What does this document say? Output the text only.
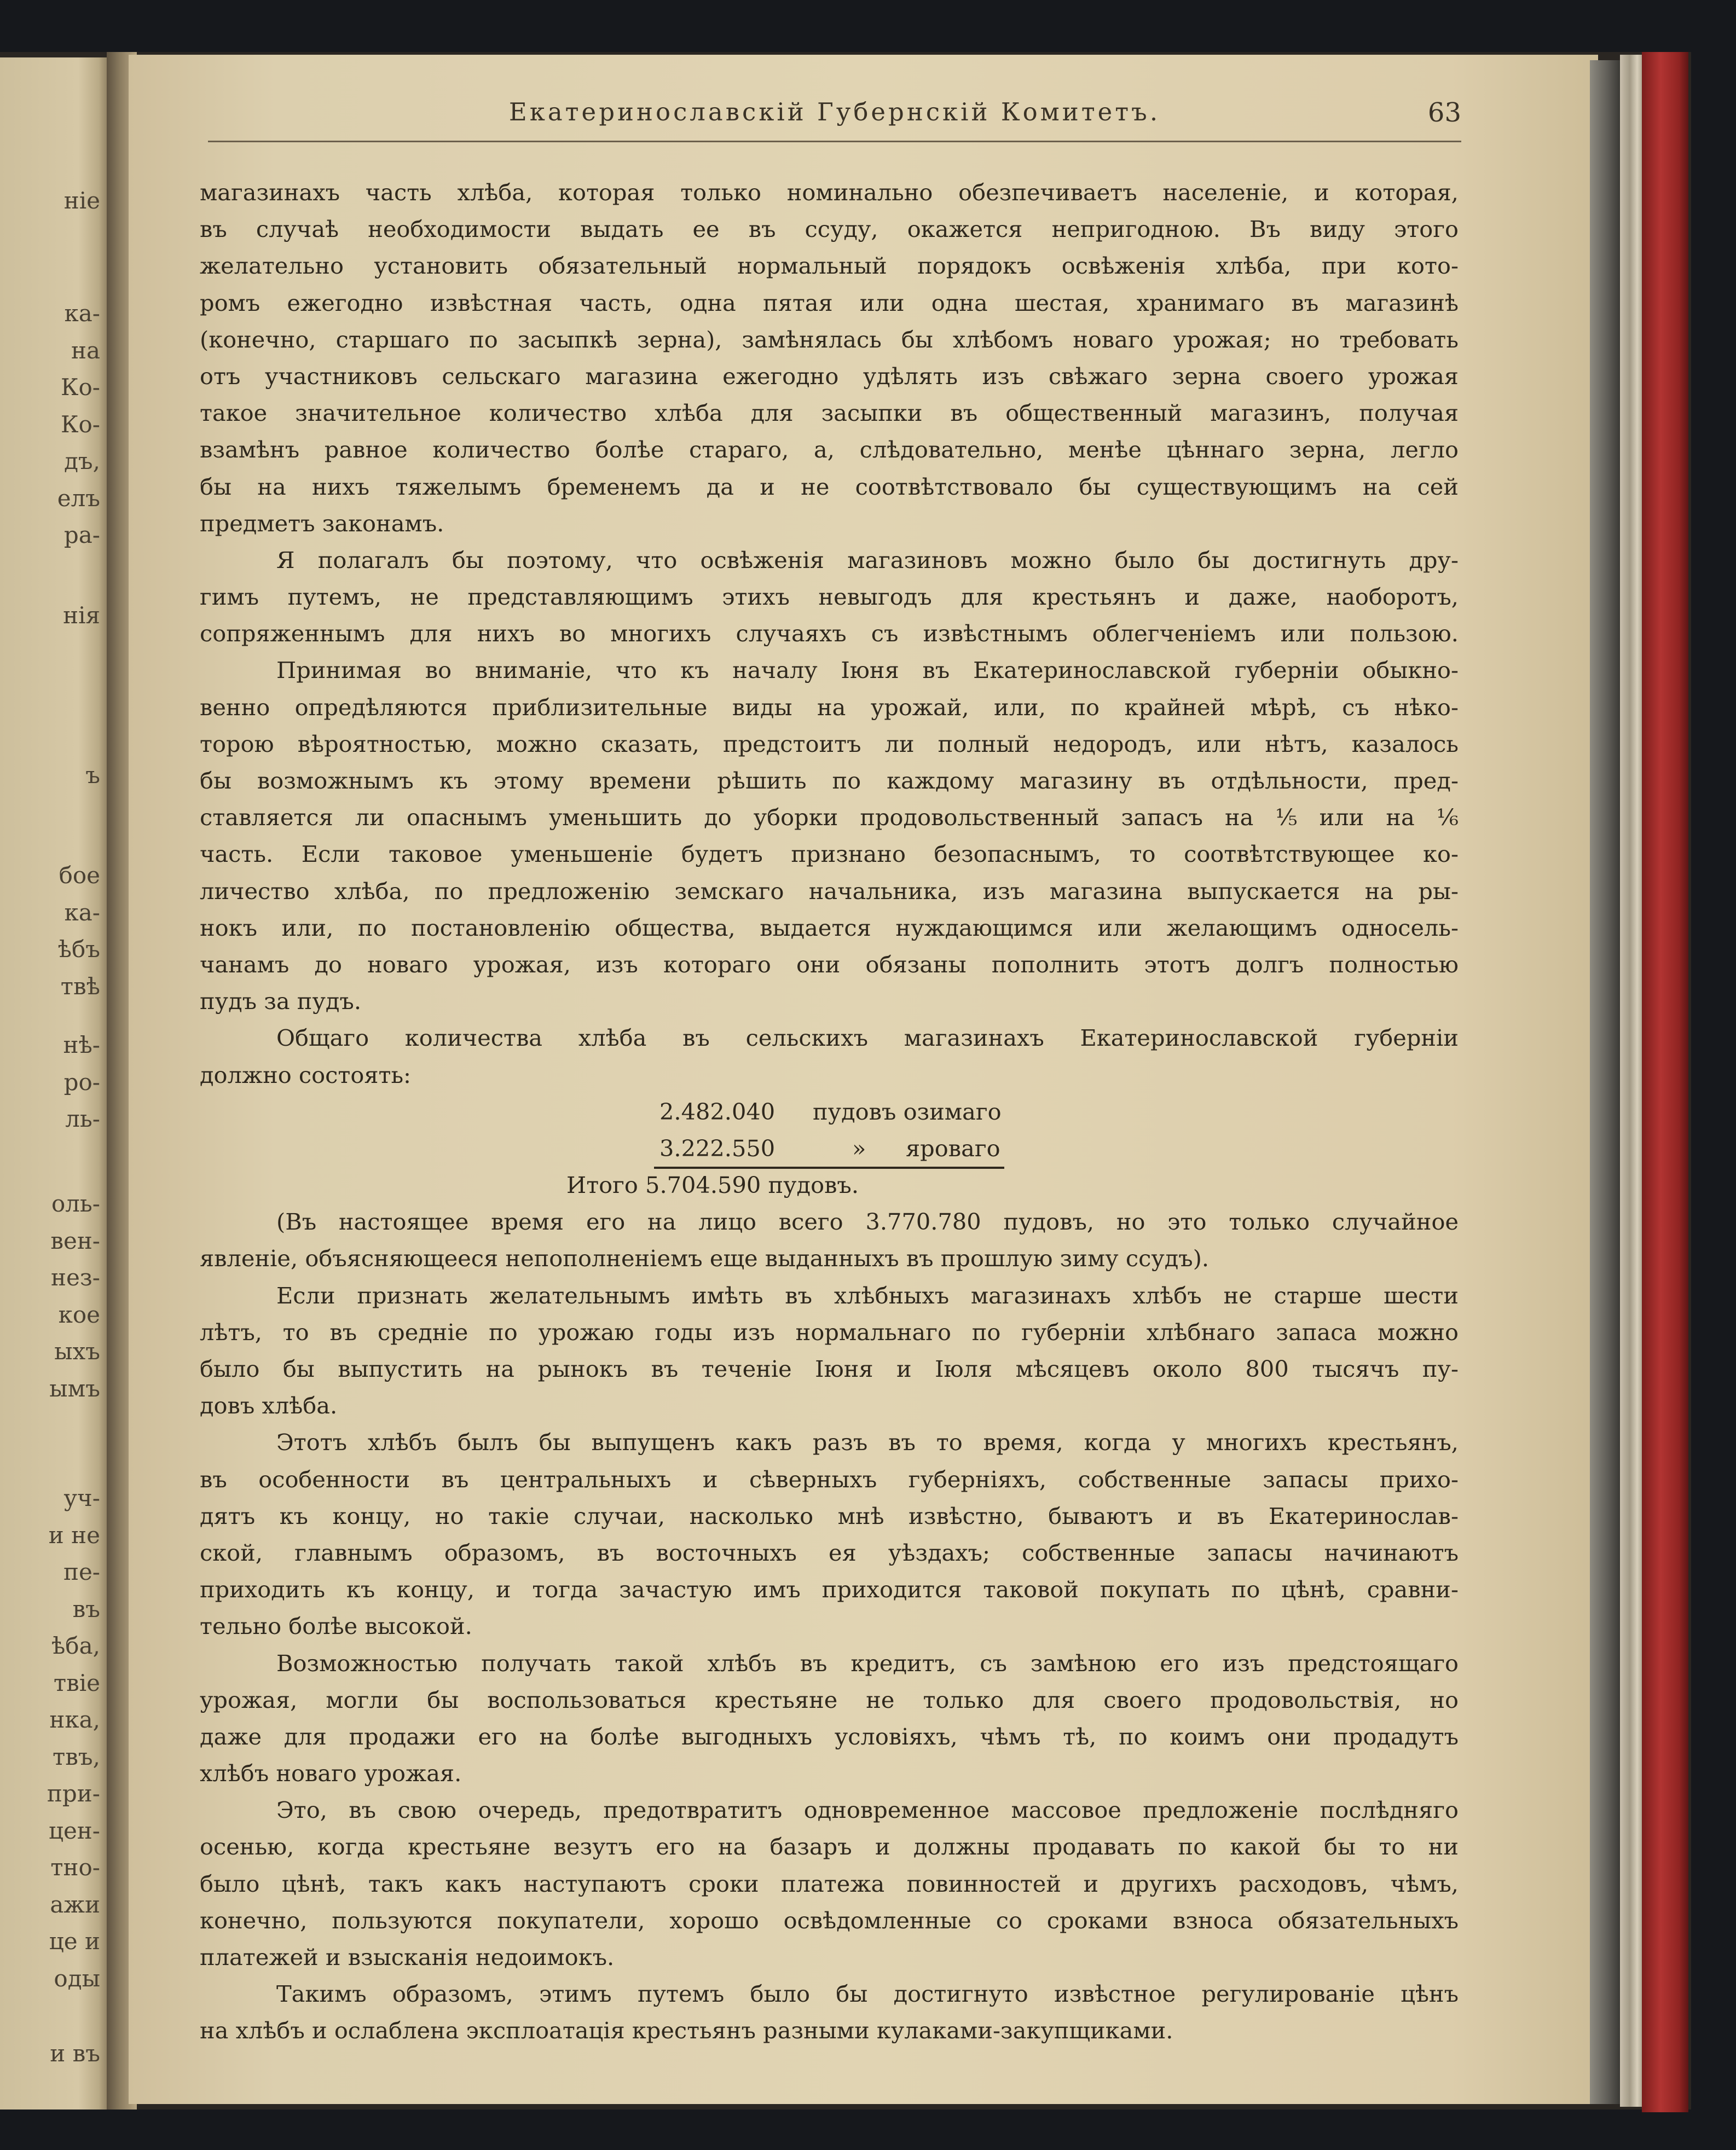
ніе
ка-
на
Ко-
Ко-
дъ,
елъ
ра-
нія
ъ
бое
ка-
ѣбъ
твѣ
нѣ-
ро-
ль-
оль-
вен-
нез-
кое
ыхъ
ымъ
уч-
и не
пе-
въ
ѣба,
твіе
нка,
твъ,
при-
цен-
тно-
ажи
це и
оды
и въ
Екатеринославскій Губернскій Комитетъ.	63
магазинахъ часть хлѣба, которая только номинально обезпечиваетъ населеніе, и которая,
въ случаѣ необходимости выдать ее въ ссуду, окажется непригодною. Въ виду этого
желательно установить обязательный нормальный порядокъ освѣженія хлѣба, при кото-
ромъ ежегодно извѣстная часть, одна пятая или одна шестая, хранимаго въ магазинѣ
(конечно, старшаго по засыпкѣ зерна), замѣнялась бы хлѣбомъ новаго урожая; но требовать
отъ участниковъ сельскаго магазина ежегодно удѣлять изъ свѣжаго зерна своего урожая
такое значительное количество хлѣба для засыпки въ общественный магазинъ, получая
взамѣнъ равное количество болѣе стараго, а, слѣдовательно, менѣе цѣннаго зерна, легло
бы на нихъ тяжелымъ бременемъ да и не соотвѣтствовало бы существующимъ на сей
предметъ законамъ.
Я полагалъ бы поэтому, что освѣженія магазиновъ можно было бы достигнуть дру-
гимъ путемъ, не представляющимъ этихъ невыгодъ для крестьянъ и даже, наоборотъ,
сопряженнымъ для нихъ во многихъ случаяхъ съ извѣстнымъ облегченіемъ или пользою.
Принимая во вниманіе, что къ началу Іюня въ Екатеринославской губерніи обыкно-
венно опредѣляются приблизительные виды на урожай, или, по крайней мѣрѣ, съ нѣко-
торою вѣроятностью, можно сказать, предстоитъ ли полный недородъ, или нѣтъ, казалось
бы возможнымъ къ этому времени рѣшить по каждому магазину въ отдѣльности, пред-
ставляется ли опаснымъ уменьшить до уборки продовольственный запасъ на ⅕ или на ⅙
часть. Если таковое уменьшеніе будетъ признано безопаснымъ, то соотвѣтствующее ко-
личество хлѣба, по предложенію земскаго начальника, изъ магазина выпускается на ры-
нокъ или, по постановленію общества, выдается нуждающимся или желающимъ односель-
чанамъ до новаго урожая, изъ котораго они обязаны пополнить этотъ долгъ полностью
пудъ за пудъ.
Общаго количества хлѣба въ сельскихъ магазинахъ Екатеринославской губерніи
должно состоять:
2.482.040 пудовъ озимаго
3.222.550	» яроваго
Итого 5.704.590 пудовъ.
(Въ настоящее время его на лицо всего 3.770.780 пудовъ, но это только случайное
явленіе, объясняющееся непополненіемъ еще выданныхъ въ прошлую зиму ссудъ).
Если признать желательнымъ имѣть въ хлѣбныхъ магазинахъ хлѣбъ не старше шести
лѣтъ, то въ средніе по урожаю годы изъ нормальнаго по губерніи хлѣбнаго запаса можно
было бы выпустить на рынокъ въ теченіе Іюня и Іюля мѣсяцевъ около 800 тысячъ пу-
довъ хлѣба.
Этотъ хлѣбъ былъ бы выпущенъ какъ разъ въ то время, когда у многихъ крестьянъ,
въ особенности въ центральныхъ и сѣверныхъ губерніяхъ, собственные запасы прихо-
дятъ къ концу, но такіе случаи, насколько мнѣ извѣстно, бываютъ и въ Екатеринослав-
ской, главнымъ образомъ, въ восточныхъ ея уѣздахъ; собственные запасы начинаютъ
приходить къ концу, и тогда зачастую имъ приходится таковой покупать по цѣнѣ, сравни-
тельно болѣе высокой.
Возможностью получать такой хлѣбъ въ кредитъ, съ замѣною его изъ предстоящаго
урожая, могли бы воспользоваться крестьяне не только для своего продовольствія, но
даже для продажи его на болѣе выгодныхъ условіяхъ, чѣмъ тѣ, по коимъ они продадутъ
хлѣбъ новаго урожая.
Это, въ свою очередь, предотвратитъ одновременное массовое предложеніе послѣдняго
осенью, когда крестьяне везутъ его на базаръ и должны продавать по какой бы то ни
было цѣнѣ, такъ какъ наступаютъ сроки платежа повинностей и другихъ расходовъ, чѣмъ,
конечно, пользуются покупатели, хорошо освѣдомленные со сроками взноса обязательныхъ
платежей и взысканія недоимокъ.
Такимъ образомъ, этимъ путемъ было бы достигнуто извѣстное регулированіе цѣнъ
на хлѣбъ и ослаблена эксплоатація крестьянъ разными кулаками-закупщиками.
